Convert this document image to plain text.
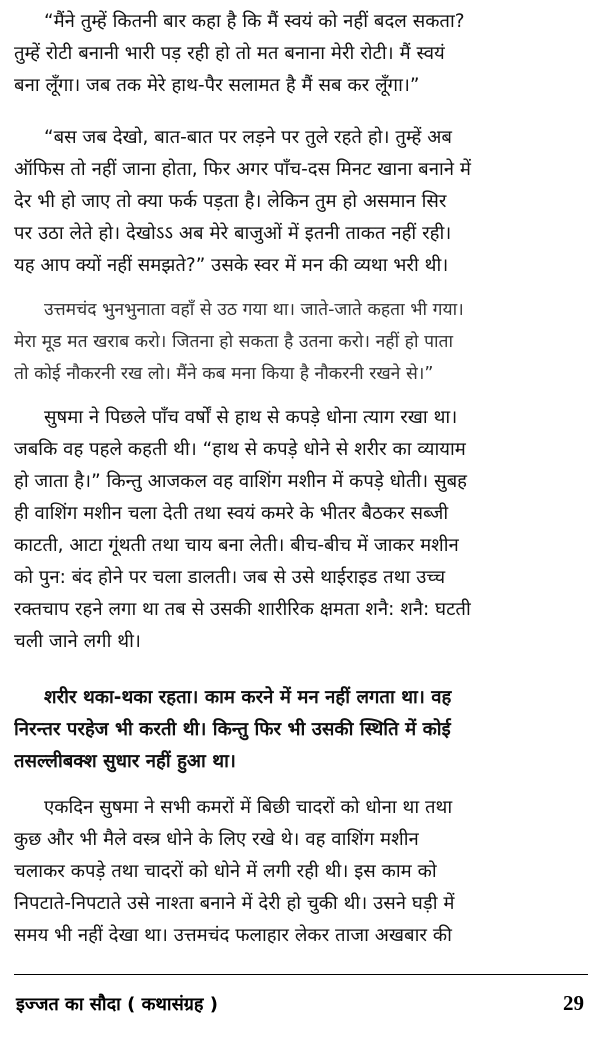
“मैंने तुम्हें कितनी बार कहा है कि मैं स्वयं को नहीं बदल सकता?
तुम्हें रोटी बनानी भारी पड़ रही हो तो मत बनाना मेरी रोटी। मैं स्वयं
बना लूँगा। जब तक मेरे हाथ-पैर सलामत है मैं सब कर लूँगा।”
“बस जब देखो, बात-बात पर लड़ने पर तुले रहते हो। तुम्हें अब
ऑफिस तो नहीं जाना होता, फिर अगर पाँच-दस मिनट खाना बनाने में
देर भी हो जाए तो क्या फर्क पड़ता है। लेकिन तुम हो असमान सिर
पर उठा लेते हो। देखोऽऽ अब मेरे बाजुओं में इतनी ताकत नहीं रही।
यह आप क्यों नहीं समझते?” उसके स्वर में मन की व्यथा भरी थी।
उत्तमचंद भुनभुनाता वहाँ से उठ गया था। जाते-जाते कहता भी गया।
मेरा मूड मत खराब करो। जितना हो सकता है उतना करो। नहीं हो पाता
तो कोई नौकरनी रख लो। मैंने कब मना किया है नौकरनी रखने से।”
सुषमा ने पिछले पाँच वर्षों से हाथ से कपड़े धोना त्याग रखा था।
जबकि वह पहले कहती थी। “हाथ से कपड़े धोने से शरीर का व्यायाम
हो जाता है।” किन्तु आजकल वह वाशिंग मशीन में कपड़े धोती। सुबह
ही वाशिंग मशीन चला देती तथा स्वयं कमरे के भीतर बैठकर सब्जी
काटती, आटा गूंथती तथा चाय बना लेती। बीच-बीच में जाकर मशीन
को पुन: बंद होने पर चला डालती। जब से उसे थाईराइड तथा उच्च
रक्तचाप रहने लगा था तब से उसकी शारीरिक क्षमता शनै: शनै: घटती
चली जाने लगी थी।
शरीर थका-थका रहता। काम करने में मन नहीं लगता था। वह
निरन्तर परहेज भी करती थी। किन्तु फिर भी उसकी स्थिति में कोई
तसल्लीबक्श सुधार नहीं हुआ था।
एकदिन सुषमा ने सभी कमरों में बिछी चादरों को धोना था तथा
कुछ और भी मैले वस्त्र धोने के लिए रखे थे। वह वाशिंग मशीन
चलाकर कपड़े तथा चादरों को धोने में लगी रही थी। इस काम को
निपटाते-निपटाते उसे नाश्ता बनाने में देरी हो चुकी थी। उसने घड़ी में
समय भी नहीं देखा था। उत्तमचंद फलाहार लेकर ताजा अखबार की
इज्जत का सौदा ( कथासंग्रह )	29
